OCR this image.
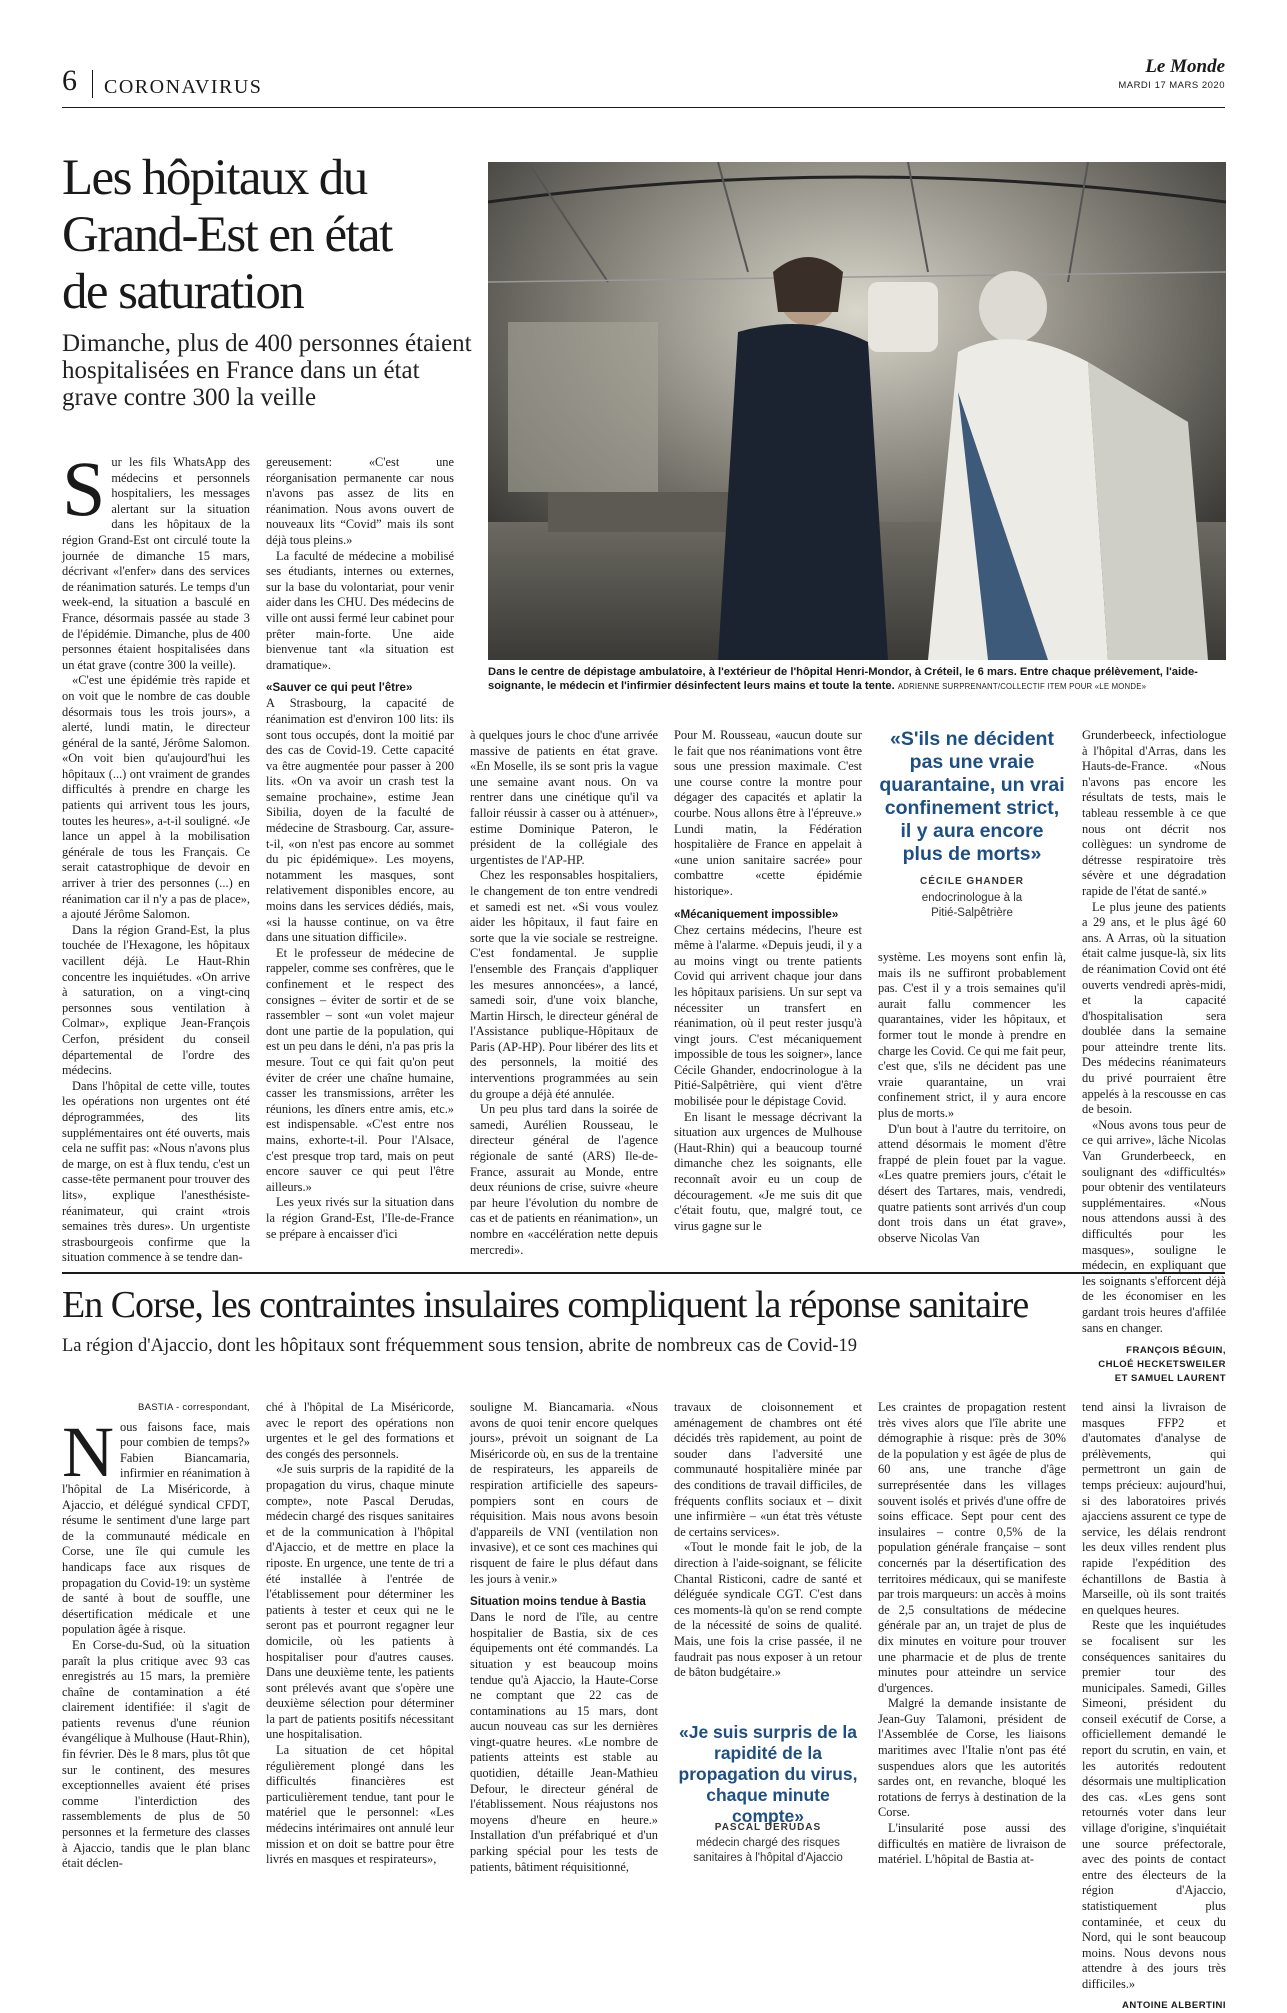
6 CORONAVIRUS
Le Monde
MARDI 17 MARS 2020
Les hôpitaux du
Grand-Est en état
de saturation
Dimanche, plus de 400 personnes étaient hospitalisées en France dans un état grave contre 300 la veille
Dans le centre de dépistage ambulatoire, à l'extérieur de l'hôpital Henri-Mondor, à Créteil, le 6 mars. Entre chaque prélèvement, l'aide-soignante, le médecin et l'infirmier désinfectent leurs mains et toute la tente. ADRIENNE SURPRENANT/COLLECTIF ITEM POUR «LE MONDE»

Sur les fils WhatsApp des médecins et personnels hospitaliers, les messages alertant sur la situation dans les hôpitaux de la région Grand-Est ont circulé toute la journée de dimanche 15 mars, décrivant «l'enfer» dans des services de réanimation saturés. Le temps d'un week-end, la situation a basculé en France, désormais passée au stade 3 de l'épidémie. Dimanche, plus de 400 personnes étaient hospitalisées dans un état grave (contre 300 la veille).

«C'est une épidémie très rapide et on voit que le nombre de cas double désormais tous les trois jours», a alerté, lundi matin, le directeur général de la santé, Jérôme Salomon. «On voit bien qu'aujourd'hui les hôpitaux (...) ont vraiment de grandes difficultés à prendre en charge les patients qui arrivent tous les jours, toutes les heures», a-t-il souligné. «Je lance un appel à la mobilisation générale de tous les Français. Ce serait catastrophique de devoir en arriver à trier des personnes (...) en réanimation car il n'y a pas de place», a ajouté Jérôme Salomon.

Dans la région Grand-Est, la plus touchée de l'Hexagone, les hôpitaux vacillent déjà. Le Haut-Rhin concentre les inquiétudes. «On arrive à saturation, on a vingt-cinq personnes sous ventilation à Colmar», explique Jean-François Cerfon, président du conseil départemental de l'ordre des médecins.

Dans l'hôpital de cette ville, toutes les opérations non urgentes ont été déprogrammées, des lits supplémentaires ont été ouverts, mais cela ne suffit pas: «Nous n'avons plus de marge, on est à flux tendu, c'est un casse-tête permanent pour trouver des lits», explique l'anesthésiste-réanimateur, qui craint «trois semaines très dures». Un urgentiste strasbourgeois confirme que la situation commence à se tendre dan-

gereusement: «C'est une réorganisation permanente car nous n'avons pas assez de lits en réanimation. Nous avons ouvert de nouveaux lits “Covid” mais ils sont déjà tous pleins.»

La faculté de médecine a mobilisé ses étudiants, internes ou externes, sur la base du volontariat, pour venir aider dans les CHU. Des médecins de ville ont aussi fermé leur cabinet pour prêter main-forte. Une aide bienvenue tant «la situation est dramatique».

«Sauver ce qui peut l'être»

A Strasbourg, la capacité de réanimation est d'environ 100 lits: ils sont tous occupés, dont la moitié par des cas de Covid-19. Cette capacité va être augmentée pour passer à 200 lits. «On va avoir un crash test la semaine prochaine», estime Jean Sibilia, doyen de la faculté de médecine de Strasbourg. Car, assure-t-il, «on n'est pas encore au sommet du pic épidémique». Les moyens, notamment les masques, sont relativement disponibles encore, au moins dans les services dédiés, mais, «si la hausse continue, on va être dans une situation difficile».

Et le professeur de médecine de rappeler, comme ses confrères, que le confinement et le respect des consignes – éviter de sortir et de se rassembler – sont «un volet majeur dont une partie de la population, qui est un peu dans le déni, n'a pas pris la mesure. Tout ce qui fait qu'on peut éviter de créer une chaîne humaine, casser les transmissions, arrêter les réunions, les dîners entre amis, etc.» est indispensable. «C'est entre nos mains, exhorte-t-il. Pour l'Alsace, c'est presque trop tard, mais on peut encore sauver ce qui peut l'être ailleurs.»

Les yeux rivés sur la situation dans la région Grand-Est, l'Ile-de-France se prépare à encaisser d'ici

à quelques jours le choc d'une arrivée massive de patients en état grave. «En Moselle, ils se sont pris la vague une semaine avant nous. On va rentrer dans une cinétique qu'il va falloir réussir à casser ou à atténuer», estime Dominique Pateron, le président de la collégiale des urgentistes de l'AP-HP.

Chez les responsables hospitaliers, le changement de ton entre vendredi et samedi est net. «Si vous voulez aider les hôpitaux, il faut faire en sorte que la vie sociale se restreigne. C'est fondamental. Je supplie l'ensemble des Français d'appliquer les mesures annoncées», a lancé, samedi soir, d'une voix blanche, Martin Hirsch, le directeur général de l'Assistance publique-Hôpitaux de Paris (AP-HP). Pour libérer des lits et des personnels, la moitié des interventions programmées au sein du groupe a déjà été annulée.

Un peu plus tard dans la soirée de samedi, Aurélien Rousseau, le directeur général de l'agence régionale de santé (ARS) Ile-de-France, assurait au Monde, entre deux réunions de crise, suivre «heure par heure l'évolution du nombre de cas et de patients en réanimation», un nombre en «accélération nette depuis mercredi».

Pour M. Rousseau, «aucun doute sur le fait que nos réanimations vont être sous une pression maximale. C'est une course contre la montre pour dégager des capacités et aplatir la courbe. Nous allons être à l'épreuve.» Lundi matin, la Fédération hospitalière de France en appelait à «une union sanitaire sacrée» pour combattre «cette épidémie historique».

«Mécaniquement impossible»

Chez certains médecins, l'heure est même à l'alarme. «Depuis jeudi, il y a au moins vingt ou trente patients Covid qui arrivent chaque jour dans les hôpitaux parisiens. Un sur sept va nécessiter un transfert en réanimation, où il peut rester jusqu'à vingt jours. C'est mécaniquement impossible de tous les soigner», lance Cécile Ghander, endocrinologue à la Pitié-Salpêtrière, qui vient d'être mobilisée pour le dépistage Covid.

En lisant le message décrivant la situation aux urgences de Mulhouse (Haut-Rhin) qui a beaucoup tourné dimanche chez les soignants, elle reconnaît avoir eu un coup de découragement. «Je me suis dit que c'était foutu, que, malgré tout, ce virus gagne sur le

«S'ils ne décident pas une vraie quarantaine, un vrai confinement strict, il y aura encore plus de morts»
CÉCILE GHANDER
endocrinologue à la Pitié-Salpêtrière

système. Les moyens sont enfin là, mais ils ne suffiront probablement pas. C'est il y a trois semaines qu'il aurait fallu commencer les quarantaines, vider les hôpitaux, et former tout le monde à prendre en charge les Covid. Ce qui me fait peur, c'est que, s'ils ne décident pas une vraie quarantaine, un vrai confinement strict, il y aura encore plus de morts.»

D'un bout à l'autre du territoire, on attend désormais le moment d'être frappé de plein fouet par la vague. «Les quatre premiers jours, c'était le désert des Tartares, mais, vendredi, quatre patients sont arrivés d'un coup dont trois dans un état grave», observe Nicolas Van

Grunderbeeck, infectiologue à l'hôpital d'Arras, dans les Hauts-de-France. «Nous n'avons pas encore les résultats de tests, mais le tableau ressemble à ce que nous ont décrit nos collègues: un syndrome de détresse respiratoire très sévère et une dégradation rapide de l'état de santé.»

Le plus jeune des patients a 29 ans, et le plus âgé 60 ans. A Arras, où la situation était calme jusque-là, six lits de réanimation Covid ont été ouverts vendredi après-midi, et la capacité d'hospitalisation sera doublée dans la semaine pour atteindre trente lits. Des médecins réanimateurs du privé pourraient être appelés à la rescousse en cas de besoin.

«Nous avons tous peur de ce qui arrive», lâche Nicolas Van Grunderbeeck, en soulignant des «difficultés» pour obtenir des ventilateurs supplémentaires. «Nous nous attendons aussi à des difficultés pour les masques», souligne le médecin, en expliquant que les soignants s'efforcent déjà de les économiser en les gardant trois heures d'affilée sans en changer.

FRANÇOIS BÉGUIN,
CHLOÉ HECKETSWEILER
ET SAMUEL LAURENT
En Corse, les contraintes insulaires compliquent la réponse sanitaire
La région d'Ajaccio, dont les hôpitaux sont fréquemment sous tension, abrite de nombreux cas de Covid-19
BASTIA - correspondant,

Nous faisons face, mais pour combien de temps?» Fabien Biancamaria, infirmier en réanimation à l'hôpital de La Miséricorde, à Ajaccio, et délégué syndical CFDT, résume le sentiment d'une large part de la communauté médicale en Corse, une île qui cumule les handicaps face aux risques de propagation du Covid-19: un système de santé à bout de souffle, une désertification médicale et une population âgée à risque.

En Corse-du-Sud, où la situation paraît la plus critique avec 93 cas enregistrés au 15 mars, la première chaîne de contamination a été clairement identifiée: il s'agit de patients revenus d'une réunion évangélique à Mulhouse (Haut-Rhin), fin février. Dès le 8 mars, plus tôt que sur le continent, des mesures exceptionnelles avaient été prises comme l'interdiction des rassemblements de plus de 50 personnes et la fermeture des classes à Ajaccio, tandis que le plan blanc était déclen-

ché à l'hôpital de La Miséricorde, avec le report des opérations non urgentes et le gel des formations et des congés des personnels.

«Je suis surpris de la rapidité de la propagation du virus, chaque minute compte», note Pascal Derudas, médecin chargé des risques sanitaires et de la communication à l'hôpital d'Ajaccio, et de mettre en place la riposte. En urgence, une tente de tri a été installée à l'entrée de l'établissement pour déterminer les patients à tester et ceux qui ne le seront pas et pourront regagner leur domicile, où les patients à hospitaliser pour d'autres causes. Dans une deuxième tente, les patients sont prélevés avant que s'opère une deuxième sélection pour déterminer la part de patients positifs nécessitant une hospitalisation.

La situation de cet hôpital régulièrement plongé dans les difficultés financières est particulièrement tendue, tant pour le matériel que le personnel: «Les médecins intérimaires ont annulé leur mission et on doit se battre pour être livrés en masques et respirateurs»,

souligne M. Biancamaria. «Nous avons de quoi tenir encore quelques jours», prévoit un soignant de La Miséricorde où, en sus de la trentaine de respirateurs, les appareils de respiration artificielle des sapeurs-pompiers sont en cours de réquisition. Mais nous avons besoin d'appareils de VNI (ventilation non invasive), et ce sont ces machines qui risquent de faire le plus défaut dans les jours à venir.»

Situation moins tendue à Bastia

Dans le nord de l'île, au centre hospitalier de Bastia, six de ces équipements ont été commandés. La situation y est beaucoup moins tendue qu'à Ajaccio, la Haute-Corse ne comptant que 22 cas de contaminations au 15 mars, dont aucun nouveau cas sur les dernières vingt-quatre heures. «Le nombre de patients atteints est stable au quotidien, détaille Jean-Mathieu Defour, le directeur général de l'établissement. Nous réajustons nos moyens d'heure en heure.» Installation d'un préfabriqué et d'un parking spécial pour les tests de patients, bâtiment réquisitionné,

travaux de cloisonnement et aménagement de chambres ont été décidés très rapidement, au point de souder dans l'adversité une communauté hospitalière minée par des conditions de travail difficiles, de fréquents conflits sociaux et – dixit une infirmière – «un état très vétuste de certains services».

«Tout le monde fait le job, de la direction à l'aide-soignant, se félicite Chantal Risticoni, cadre de santé et déléguée syndicale CGT. C'est dans ces moments-là qu'on se rend compte de la nécessité de soins de qualité. Mais, une fois la crise passée, il ne faudrait pas nous exposer à un retour de bâton budgétaire.»

«Je suis surpris de la rapidité de la propagation du virus, chaque minute compte»
PASCAL DERUDAS
médecin chargé des risques sanitaires à l'hôpital d'Ajaccio

Les craintes de propagation restent très vives alors que l'île abrite une démographie à risque: près de 30% de la population y est âgée de plus de 60 ans, une tranche d'âge surreprésentée dans les villages souvent isolés et privés d'une offre de soins efficace. Sept pour cent des insulaires – contre 0,5% de la population générale française – sont concernés par la désertification des territoires médicaux, qui se manifeste par trois marqueurs: un accès à moins de 2,5 consultations de médecine générale par an, un trajet de plus de dix minutes en voiture pour trouver une pharmacie et de plus de trente minutes pour atteindre un service d'urgences.

Malgré la demande insistante de Jean-Guy Talamoni, président de l'Assemblée de Corse, les liaisons maritimes avec l'Italie n'ont pas été suspendues alors que les autorités sardes ont, en revanche, bloqué les rotations de ferrys à destination de la Corse.

L'insularité pose aussi des difficultés en matière de livraison de matériel. L'hôpital de Bastia at-

tend ainsi la livraison de masques FFP2 et d'automates d'analyse de prélèvements, qui permettront un gain de temps précieux: aujourd'hui, si des laboratoires privés ajacciens assurent ce type de service, les délais rendront les deux villes rendent plus rapide l'expédition des échantillons de Bastia à Marseille, où ils sont traités en quelques heures.

Reste que les inquiétudes se focalisent sur les conséquences sanitaires du premier tour des municipales. Samedi, Gilles Simeoni, président du conseil exécutif de Corse, a officiellement demandé le report du scrutin, en vain, et les autorités redoutent désormais une multiplication des cas. «Les gens sont retournés voter dans leur village d'origine, s'inquiétait une source préfectorale, avec des points de contact entre des électeurs de la région d'Ajaccio, statistiquement plus contaminée, et ceux du Nord, qui le sont beaucoup moins. Nous devons nous attendre à des jours très difficiles.»

ANTOINE ALBERTINI
